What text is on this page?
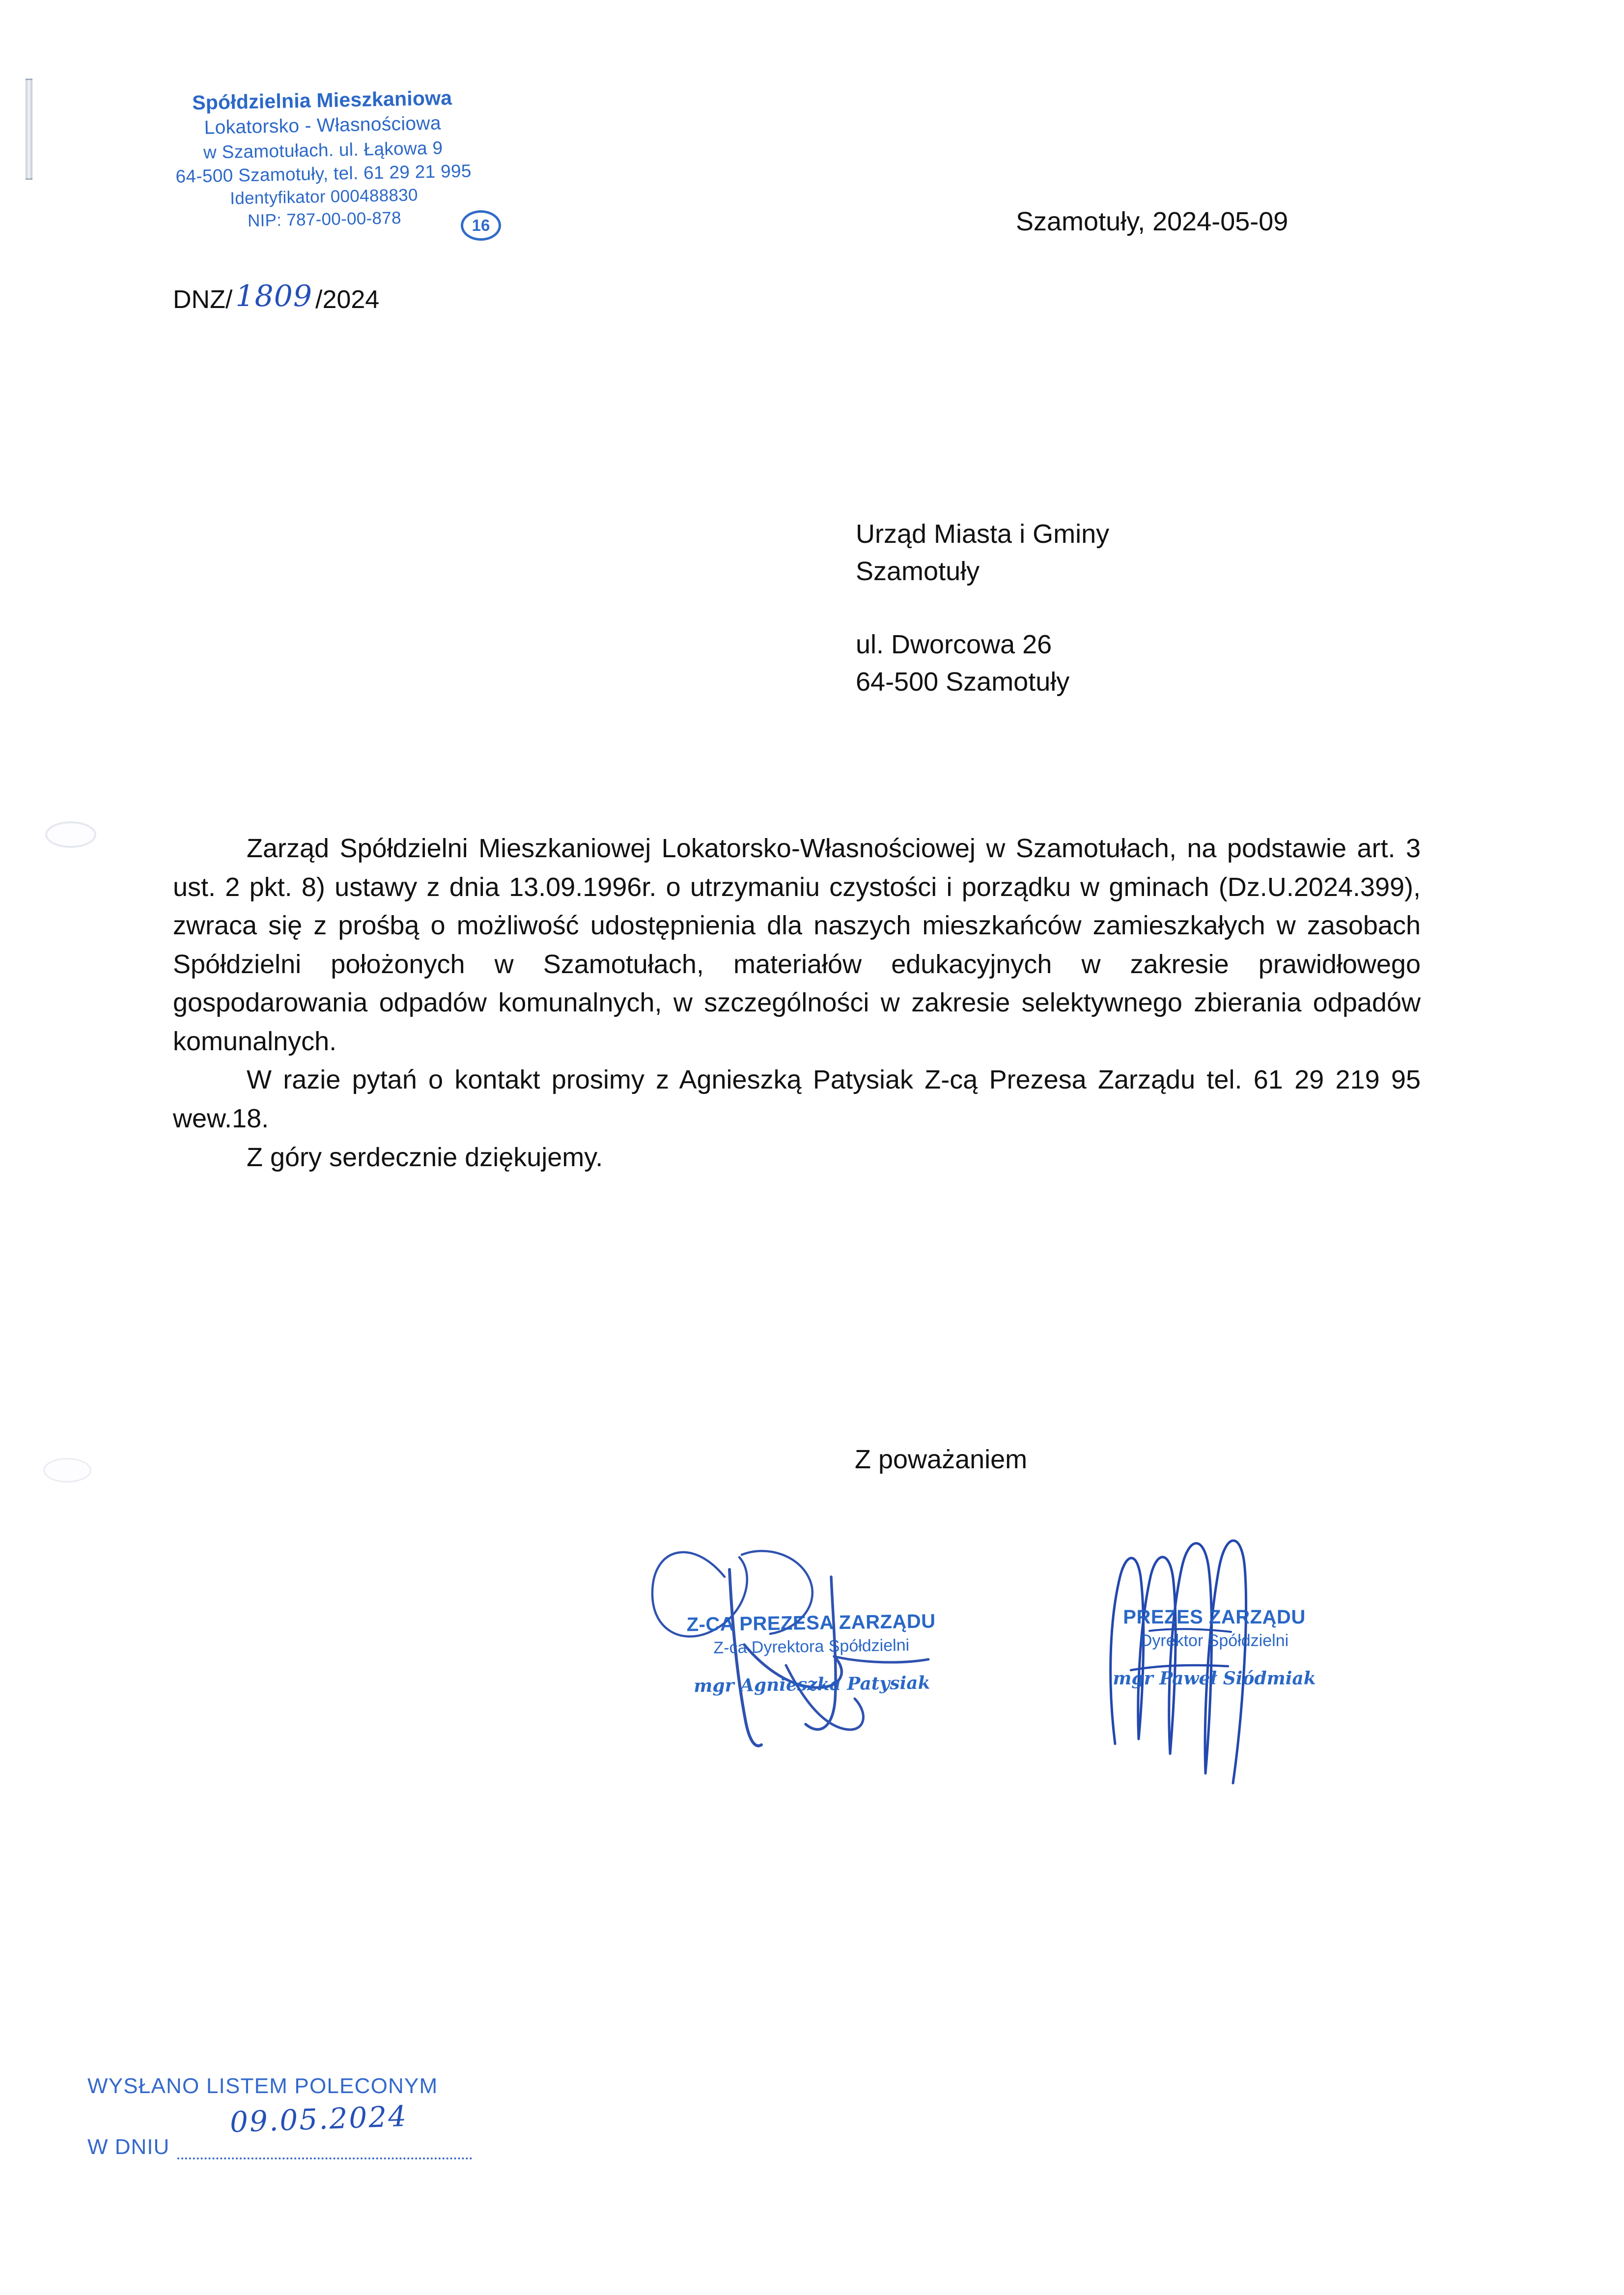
Spółdzielnia Mieszkaniowa
Lokatorsko - Własnościowa
w Szamotułach. ul. Łąkowa 9
64-500 Szamotuły, tel. 61 29 21 995
Identyfikator 000488830
NIP: 787-00-00-878	16	Szamotuły, 2024-05-09
DNZ/ 1809 /2024
Urząd Miasta i Gminy
Szamotuły
ul. Dworcowa 26
64-500 Szamotuły

Zarząd Spółdzielni Mieszkaniowej Lokatorsko-Własnościowej w Szamotułach, na podstawie art. 3 ust. 2 pkt. 8) ustawy z dnia 13.09.1996r. o utrzymaniu czystości i porządku w gminach (Dz.U.2024.399), zwraca się z prośbą o możliwość udostępnienia dla naszych mieszkańców zamieszkałych w zasobach Spółdzielni położonych w Szamotułach, materiałów edukacyjnych w zakresie prawidłowego gospodarowania odpadów komunalnych, w szczególności w zakresie selektywnego zbierania odpadów komunalnych.

W razie pytań o kontakt prosimy z Agnieszką Patysiak Z-cą Prezesa Zarządu tel. 61 29 219 95 wew.18.

Z góry serdecznie dziękujemy.

Z poważaniem
Z-CA PREZESA ZARZĄDU
Z-ca Dyrektora Spółdzielni
mgr Agnieszka Patysiak
PREZES ZARZĄDU
Dyrektor Spółdzielni
mgr Paweł Siódmiak
WYSŁANO LISTEM POLECONYM
W DNIU
09.05.2024
